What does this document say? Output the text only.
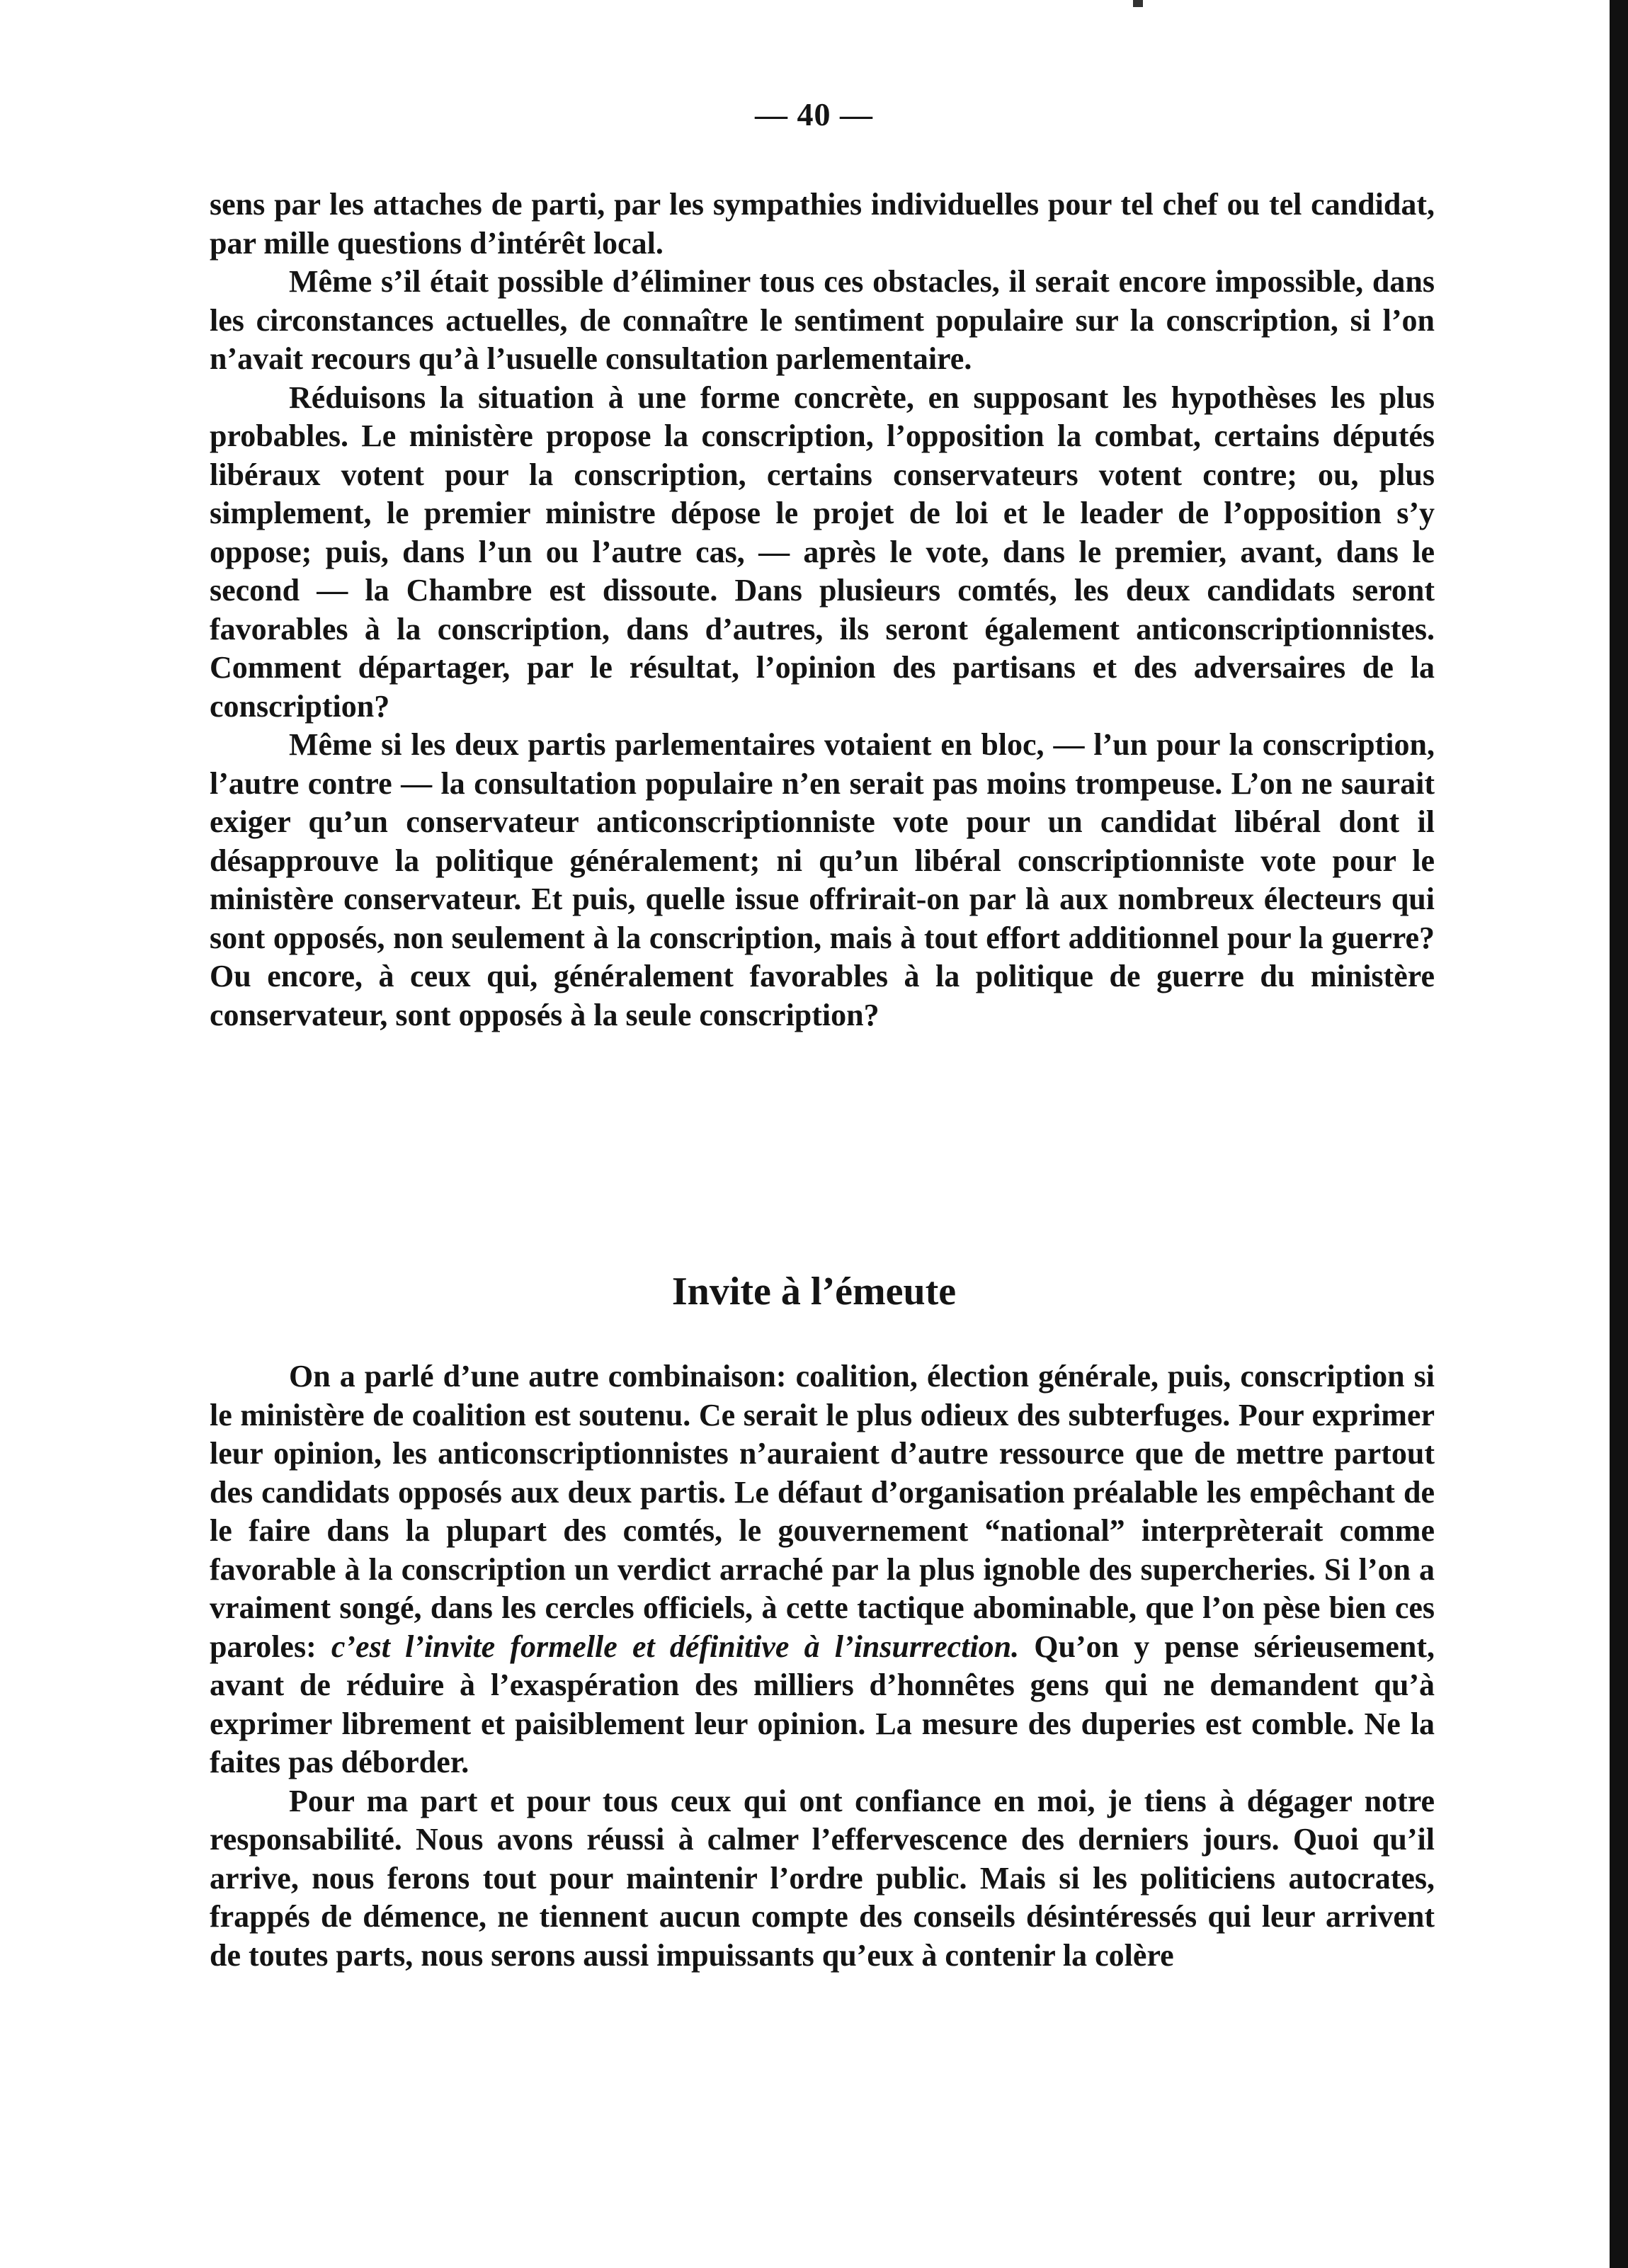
— 40 —

sens par les attaches de parti, par les sympathies individuelles pour tel chef ou tel candidat, par mille questions d’intérêt local.

Même s’il était possible d’éliminer tous ces obstacles, il serait encore impossible, dans les circonstances actuelles, de connaître le sentiment populaire sur la conscription, si l’on n’avait recours qu’à l’usuelle consultation parlementaire.

Réduisons la situation à une forme concrète, en supposant les hypothèses les plus probables. Le ministère propose la conscription, l’opposition la combat, certains députés libéraux votent pour la conscription, certains conservateurs votent contre; ou, plus simplement, le premier ministre dépose le projet de loi et le leader de l’opposition s’y oppose; puis, dans l’un ou l’autre cas, — après le vote, dans le premier, avant, dans le second — la Chambre est dissoute. Dans plusieurs comtés, les deux candidats seront favorables à la conscription, dans d’autres, ils seront également anticonscriptionnistes. Comment départager, par le résultat, l’opinion des partisans et des adversaires de la conscription?

Même si les deux partis parlementaires votaient en bloc, — l’un pour la conscription, l’autre contre — la consultation populaire n’en serait pas moins trompeuse. L’on ne saurait exiger qu’un conservateur anticonscriptionniste vote pour un candidat libéral dont il désapprouve la politique généralement; ni qu’un libéral conscriptionniste vote pour le ministère conservateur. Et puis, quelle issue offrirait-on par là aux nombreux électeurs qui sont opposés, non seulement à la conscription, mais à tout effort additionnel pour la guerre? Ou encore, à ceux qui, généralement favorables à la politique de guerre du ministère conservateur, sont opposés à la seule conscription?

Invite à l’émeute

On a parlé d’une autre combinaison: coalition, élection générale, puis, conscription si le ministère de coalition est soutenu. Ce serait le plus odieux des subterfuges. Pour exprimer leur opinion, les anticonscriptionnistes n’auraient d’autre ressource que de mettre partout des candidats opposés aux deux partis. Le défaut d’organisation préalable les empêchant de le faire dans la plupart des comtés, le gouvernement “national” interprèterait comme favorable à la conscription un verdict arraché par la plus ignoble des supercheries. Si l’on a vraiment songé, dans les cercles officiels, à cette tactique abominable, que l’on pèse bien ces paroles: c’est l’invite formelle et définitive à l’insurrection. Qu’on y pense sérieusement, avant de réduire à l’exaspération des milliers d’honnêtes gens qui ne demandent qu’à exprimer librement et paisiblement leur opinion. La mesure des duperies est comble. Ne la faites pas déborder.

Pour ma part et pour tous ceux qui ont confiance en moi, je tiens à dégager notre responsabilité. Nous avons réussi à calmer l’effervescence des derniers jours. Quoi qu’il arrive, nous ferons tout pour maintenir l’ordre public. Mais si les politiciens autocrates, frappés de démence, ne tiennent aucun compte des conseils désintéressés qui leur arrivent de toutes parts, nous serons aussi impuissants qu’eux à contenir la colère
